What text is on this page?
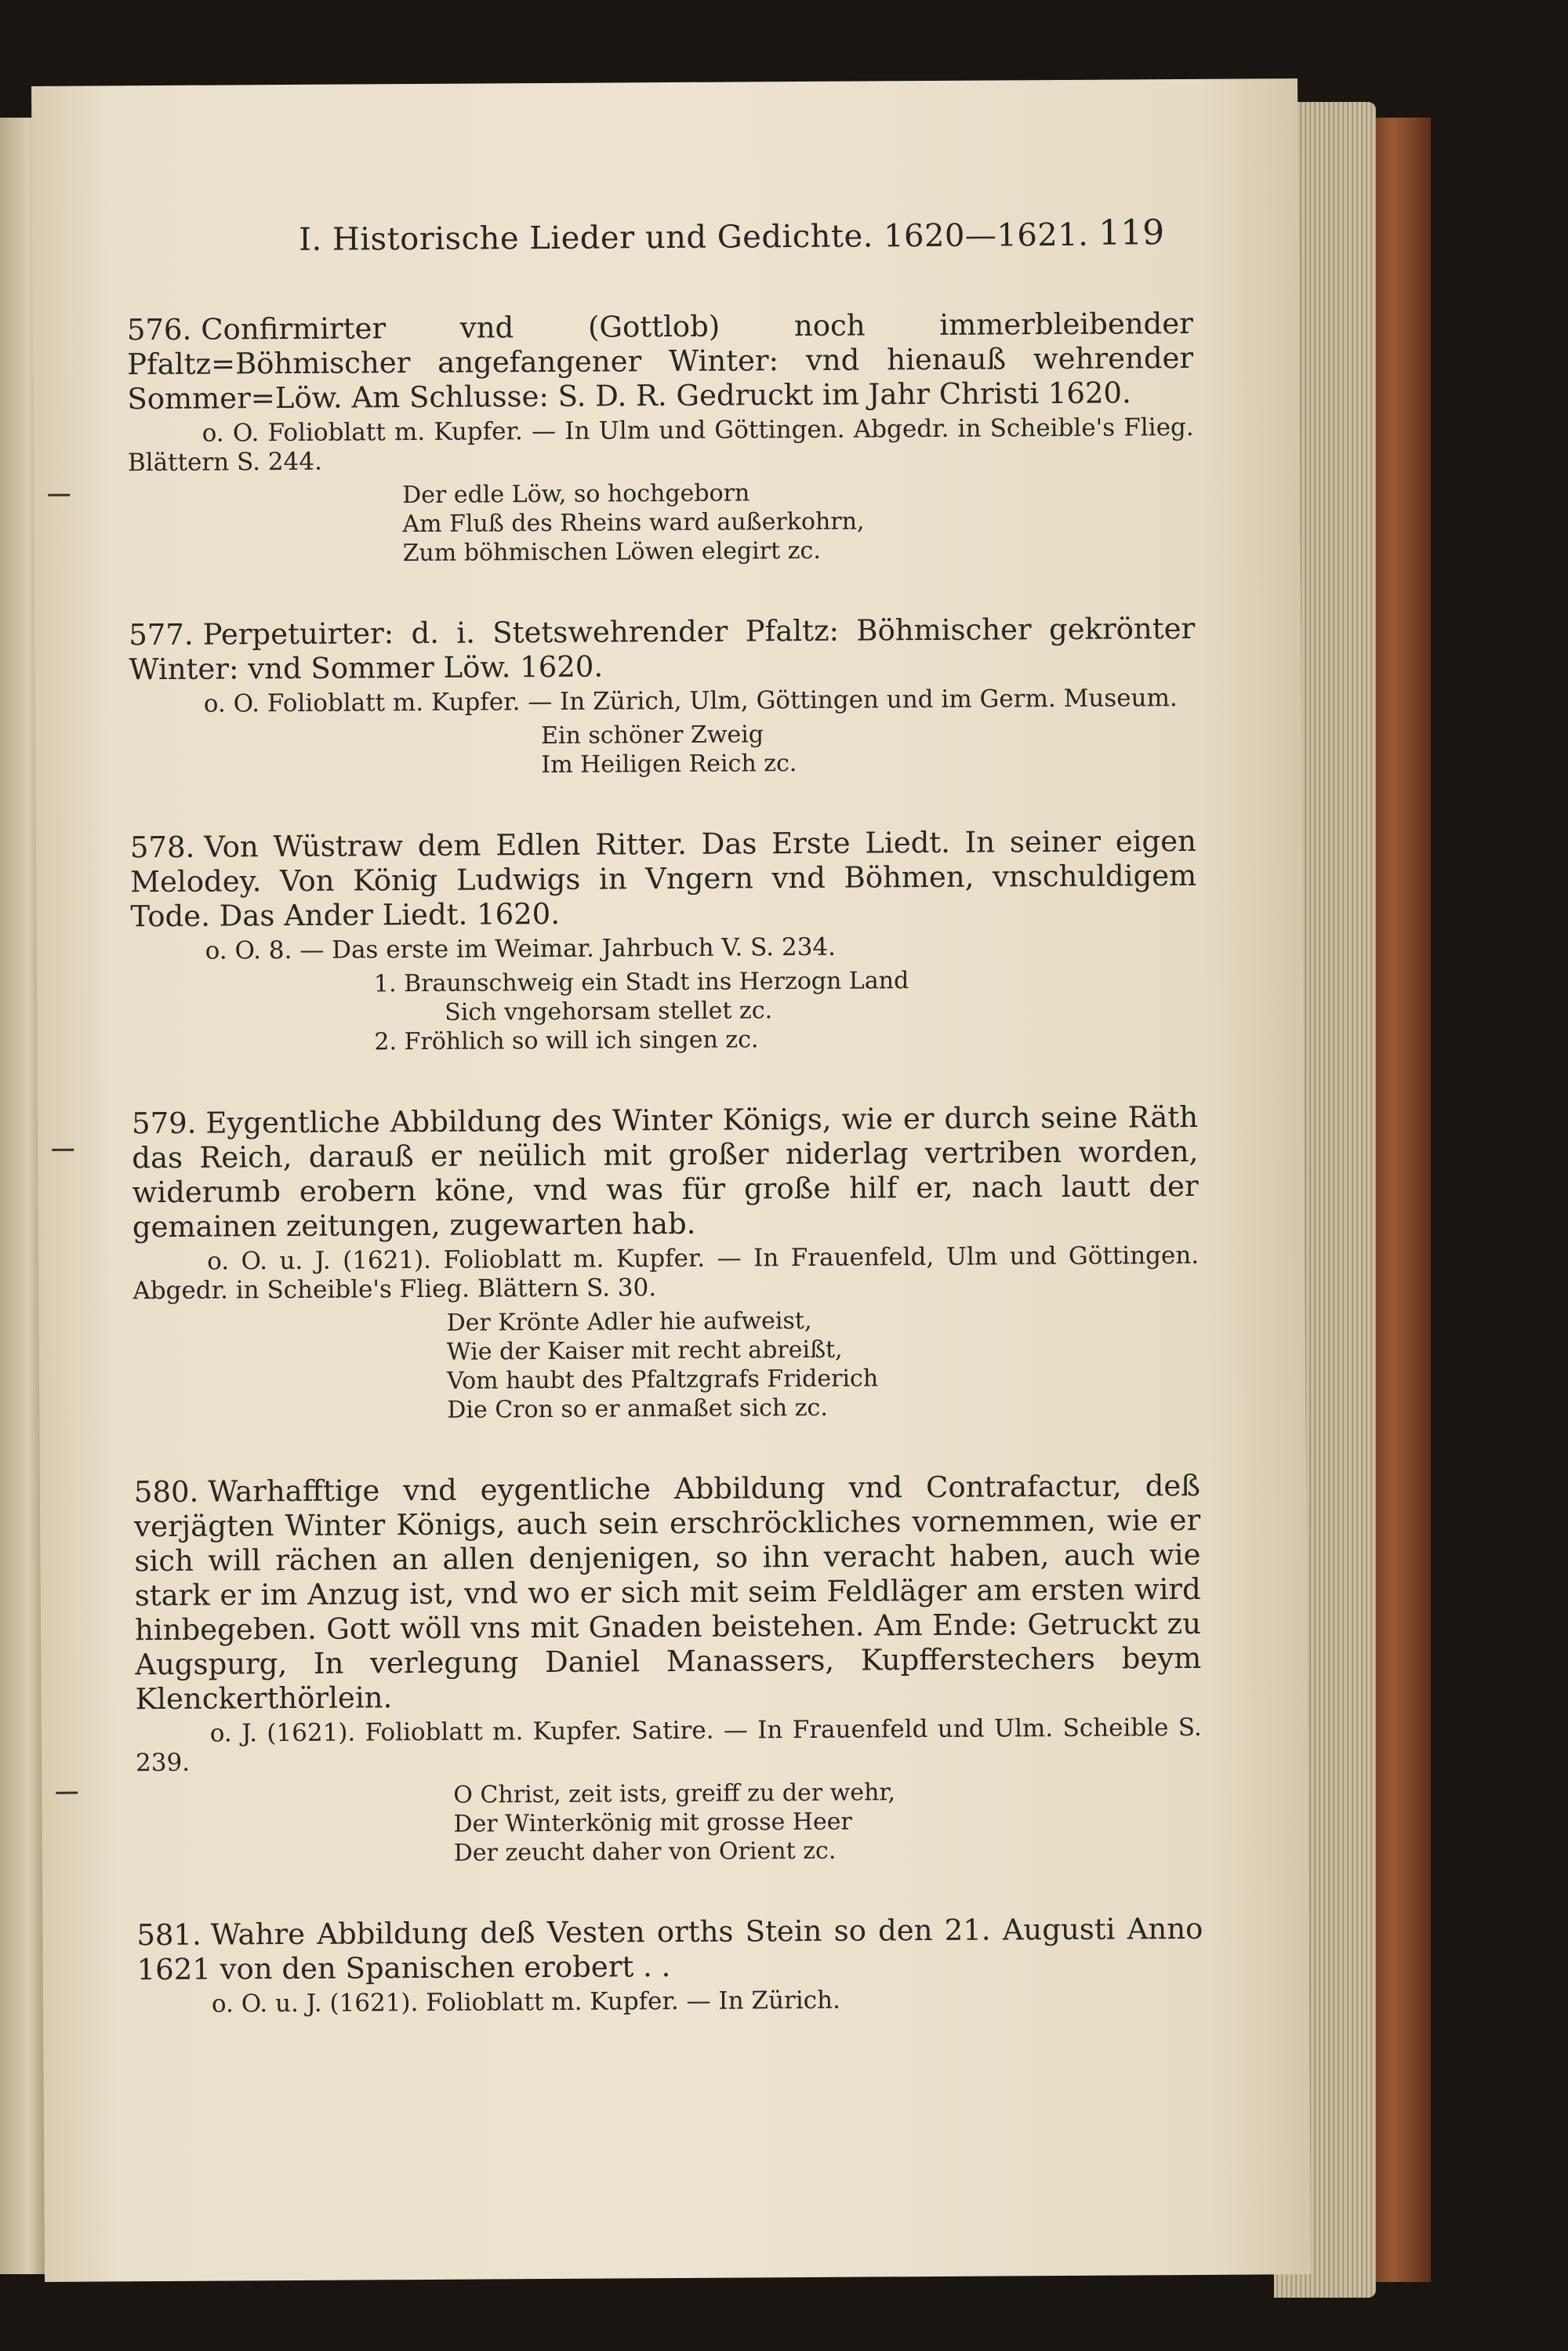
I. Historische Lieder und Gedichte. 1620—1621. 119

576. Confirmirter vnd (Gottlob) noch immerbleibender Pfaltz=Böhmischer angefangener Winter: vnd hienauß wehrender Sommer=Löw. Am Schlusse: S. D. R. Gedruckt im Jahr Christi 1620.

o. O. Folioblatt m. Kupfer. — In Ulm und Göttingen. Abgedr. in Scheible's Flieg. Blättern S. 244.

Der edle Löw, so hochgeborn
Am Fluß des Rheins ward außerkohrn,
Zum böhmischen Löwen elegirt zc.

577. Perpetuirter: d. i. Stetswehrender Pfaltz: Böhmischer gekrönter Winter: vnd Sommer Löw. 1620.

o. O. Folioblatt m. Kupfer. — In Zürich, Ulm, Göttingen und im Germ. Museum.

Ein schöner Zweig
Im Heiligen Reich zc.

578. Von Wüstraw dem Edlen Ritter. Das Erste Liedt. In seiner eigen Melodey. Von König Ludwigs in Vngern vnd Böhmen, vnschuldigem Tode. Das Ander Liedt. 1620.

o. O. 8. — Das erste im Weimar. Jahrbuch V. S. 234.

1. Braunschweig ein Stadt ins Herzogn Land
Sich vngehorsam stellet zc.
2. Fröhlich so will ich singen zc.

579. Eygentliche Abbildung des Winter Königs, wie er durch seine Räth das Reich, darauß er neülich mit großer niderlag vertriben worden, widerumb erobern köne, vnd was für große hilf er, nach lautt der gemainen zeitungen, zugewarten hab.

o. O. u. J. (1621). Folioblatt m. Kupfer. — In Frauenfeld, Ulm und Göttingen. Abgedr. in Scheible's Flieg. Blättern S. 30.

Der Krönte Adler hie aufweist,
Wie der Kaiser mit recht abreißt,
Vom haubt des Pfaltzgrafs Friderich
Die Cron so er anmaßet sich zc.

580. Warhafftige vnd eygentliche Abbildung vnd Contrafactur, deß verjägten Winter Königs, auch sein erschröckliches vornemmen, wie er sich will rächen an allen denjenigen, so ihn veracht haben, auch wie stark er im Anzug ist, vnd wo er sich mit seim Feldläger am ersten wird hinbegeben. Gott wöll vns mit Gnaden beistehen. Am Ende: Getruckt zu Augspurg, In verlegung Daniel Manassers, Kupfferstechers beym Klenckerthörlein.

o. J. (1621). Folioblatt m. Kupfer. Satire. — In Frauenfeld und Ulm. Scheible S. 239.

O Christ, zeit ists, greiff zu der wehr,
Der Winterkönig mit grosse Heer
Der zeucht daher von Orient zc.

581. Wahre Abbildung deß Vesten orths Stein so den 21. Augusti Anno 1621 von den Spanischen erobert . .

o. O. u. J. (1621). Folioblatt m. Kupfer. — In Zürich.
